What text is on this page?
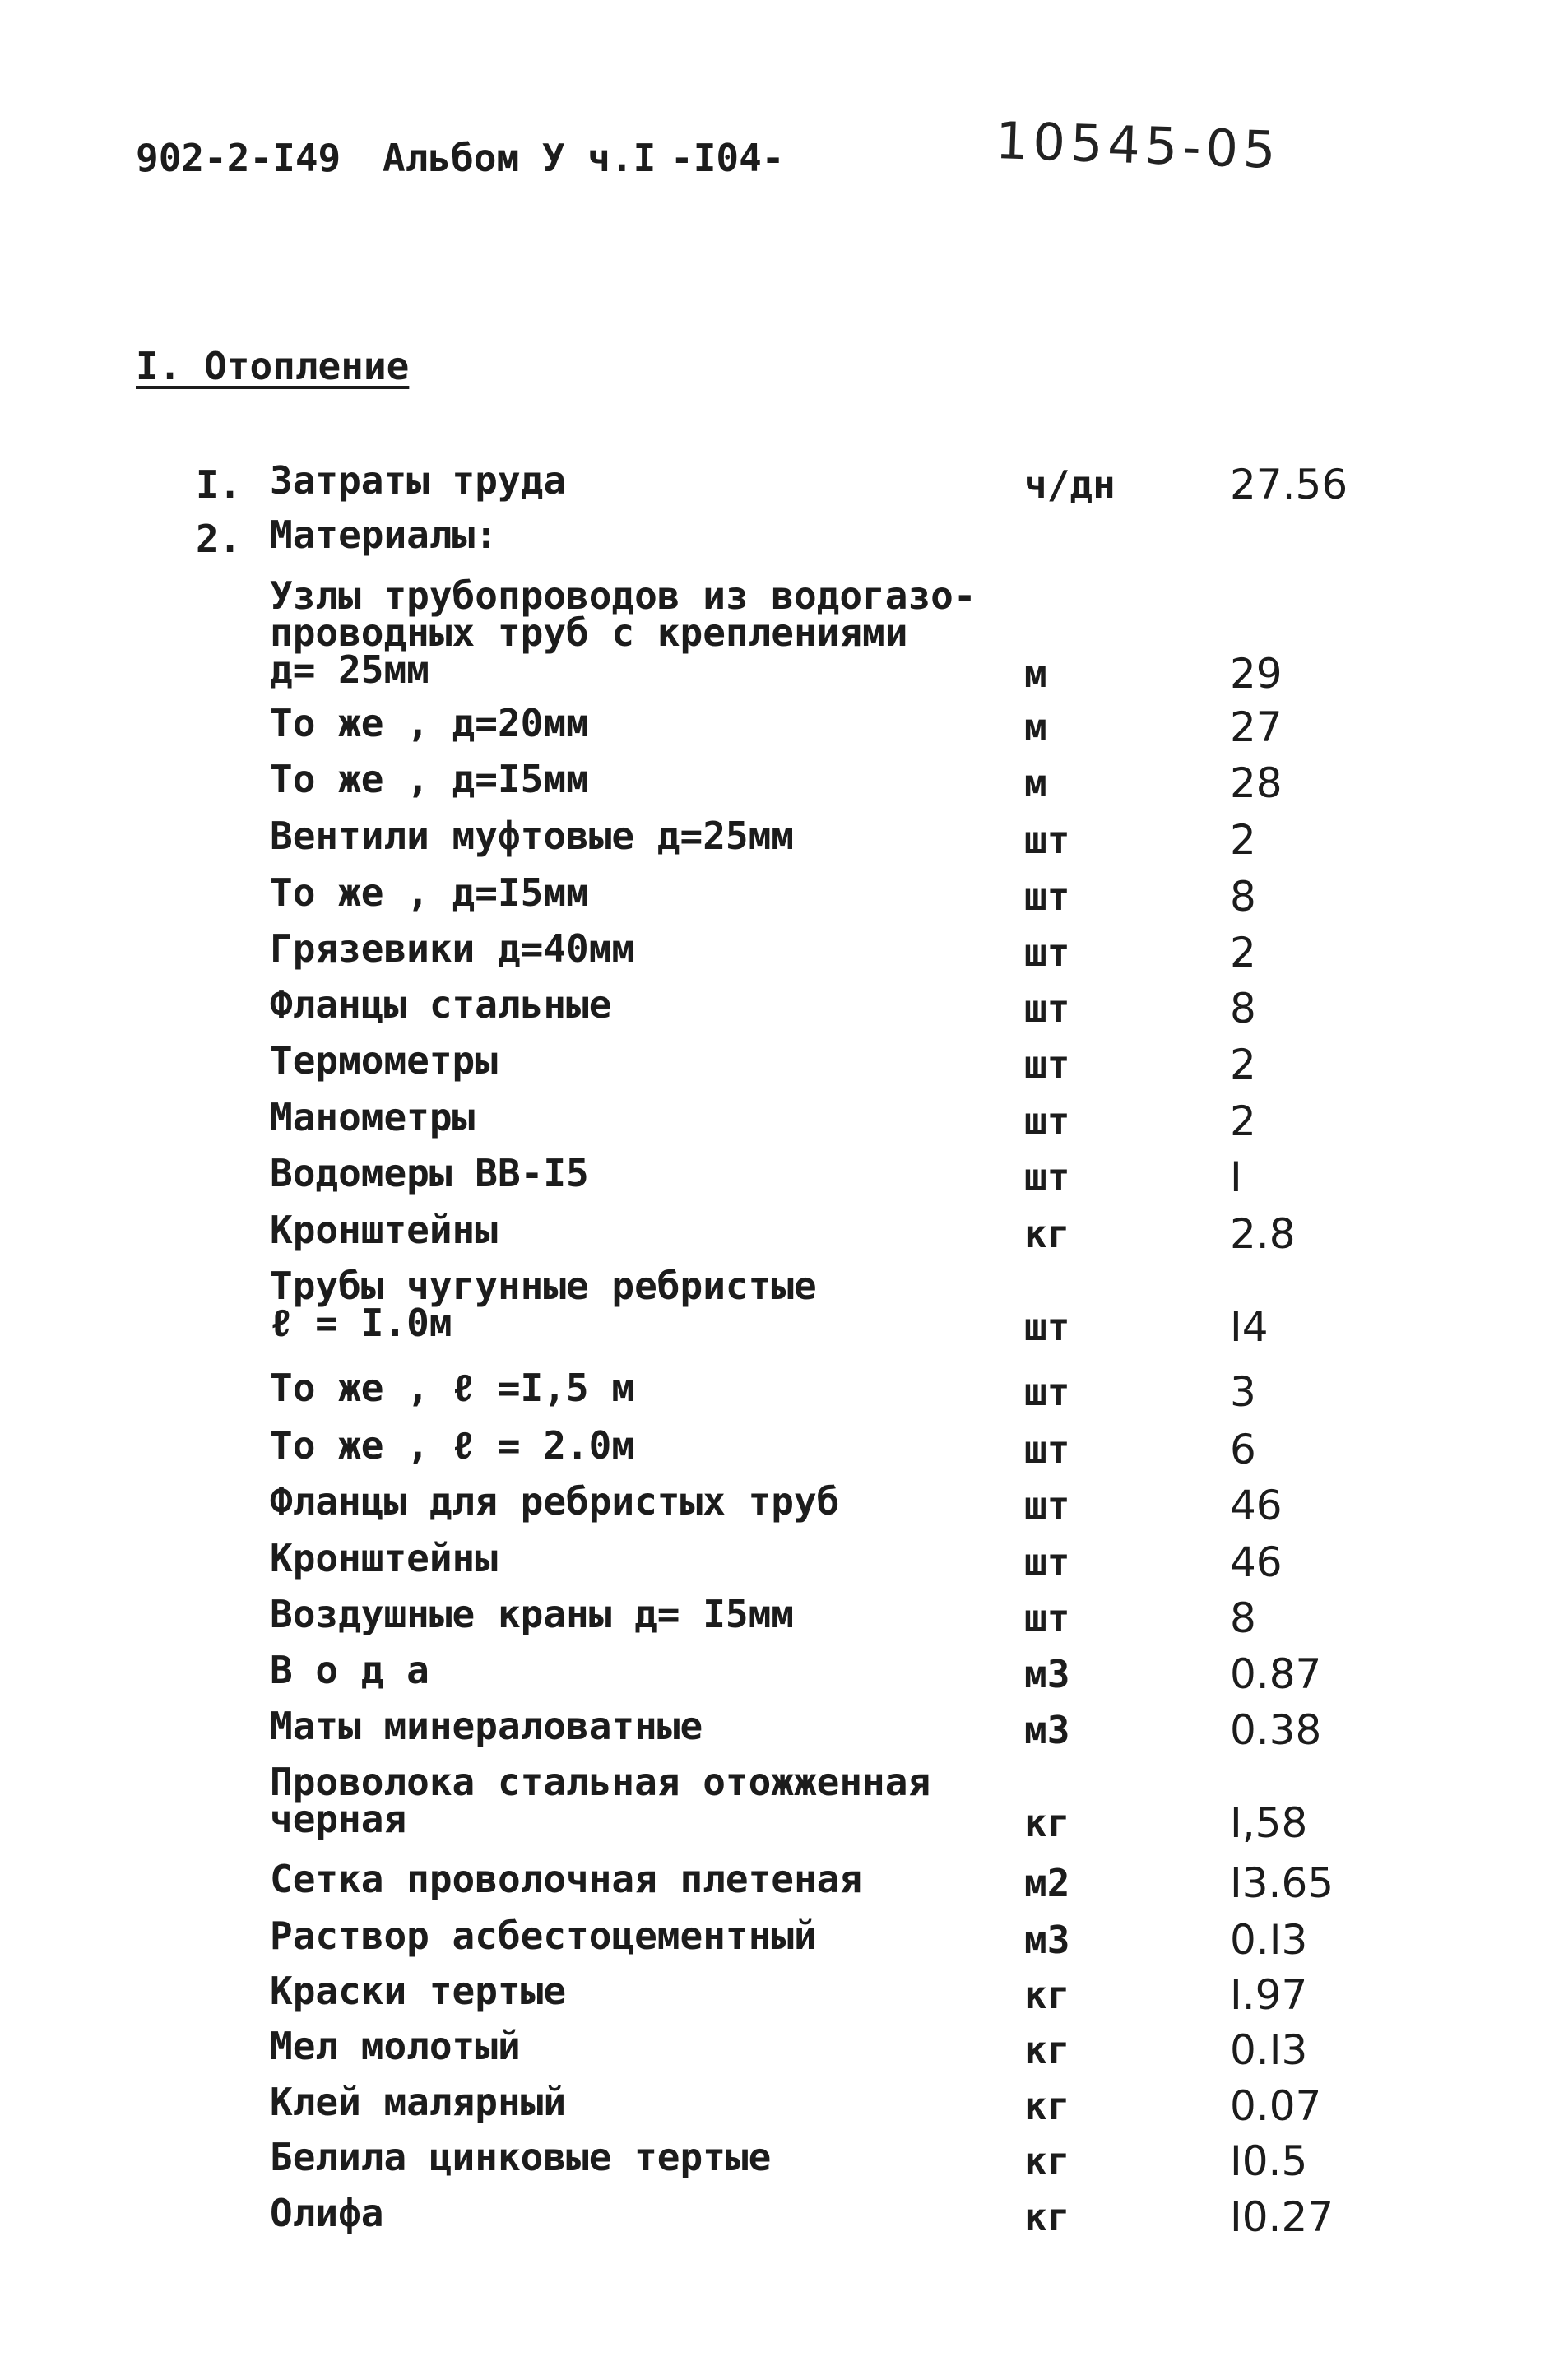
902-2-I49 Альбом У ч.I -I04-	10545-05
I. Отопление
I. Затраты труда	ч/дн	27.56
2. Материалы:
Узлы трубопроводов из водогазо-
проводных труб с креплениями
д= 25мм	м	29
То же , д=20мм	м	27
То же , д=I5мм	м	28
Вентили муфтовые д=25мм	шт	2
То же , д=I5мм	шт	8
Грязевики д=40мм	шт	2
Фланцы стальные	шт	8
Термометры	шт	2
Манометры	шт	2
Водомеры ВВ-I5	шт	I
Кронштейны	кг	2.8
Трубы чугунные ребристые
ℓ = I.0м	шт	I4
То же , ℓ =I,5 м	шт	3
То же , ℓ = 2.0м	шт	6
Фланцы для ребристых труб	шт	46
Кронштейны	шт	46
Воздушные краны д= I5мм	шт	8
В о д а	м3	0.87
Маты минераловатные	м3	0.38
Проволока стальная отожженная
черная	кг	I,58
Сетка проволочная плетеная	м2	I3.65
Раствор асбестоцементный	м3	0.I3
Краски тертые	кг	I.97
Мел молотый	кг	0.I3
Клей малярный	кг	0.07
Белила цинковые тертые	кг	I0.5
Олифа	кг	I0.27
